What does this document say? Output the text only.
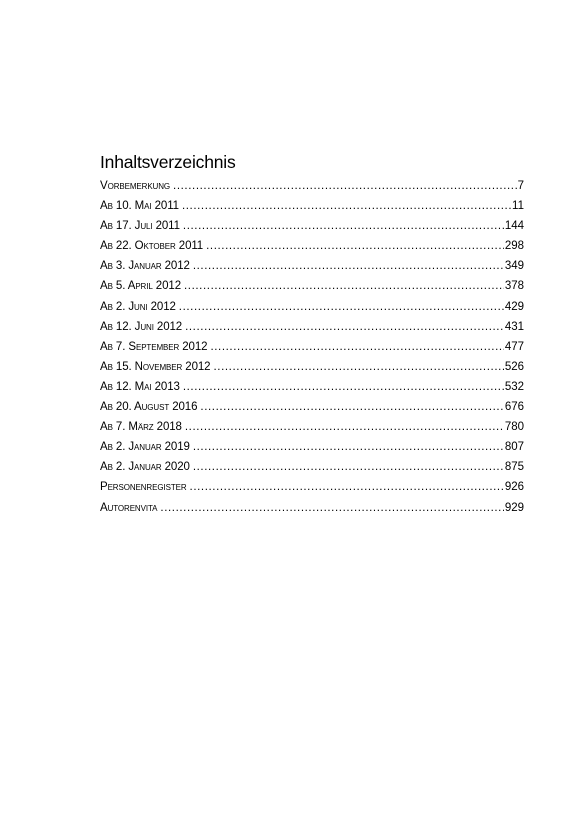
Inhaltsverzeichnis
Vorbemerkung .....	7
Ab 10. Mai 2011 .....	11
Ab 17. Juli 2011 .....	144
Ab 22. Oktober 2011 .....	298
Ab 3. Januar 2012 .....	349
Ab 5. April 2012 .....	378
Ab 2. Juni 2012 .....	429
Ab 12. Juni 2012 .....	431
Ab 7. September 2012 .....	477
Ab 15. November 2012 .....	526
Ab 12. Mai 2013 .....	532
Ab 20. August 2016 .....	676
Ab 7. März 2018 .....	780
Ab 2. Januar 2019 .....	807
Ab 2. Januar 2020 .....	875
Personenregister .....	926
Autorenvita .....	929
